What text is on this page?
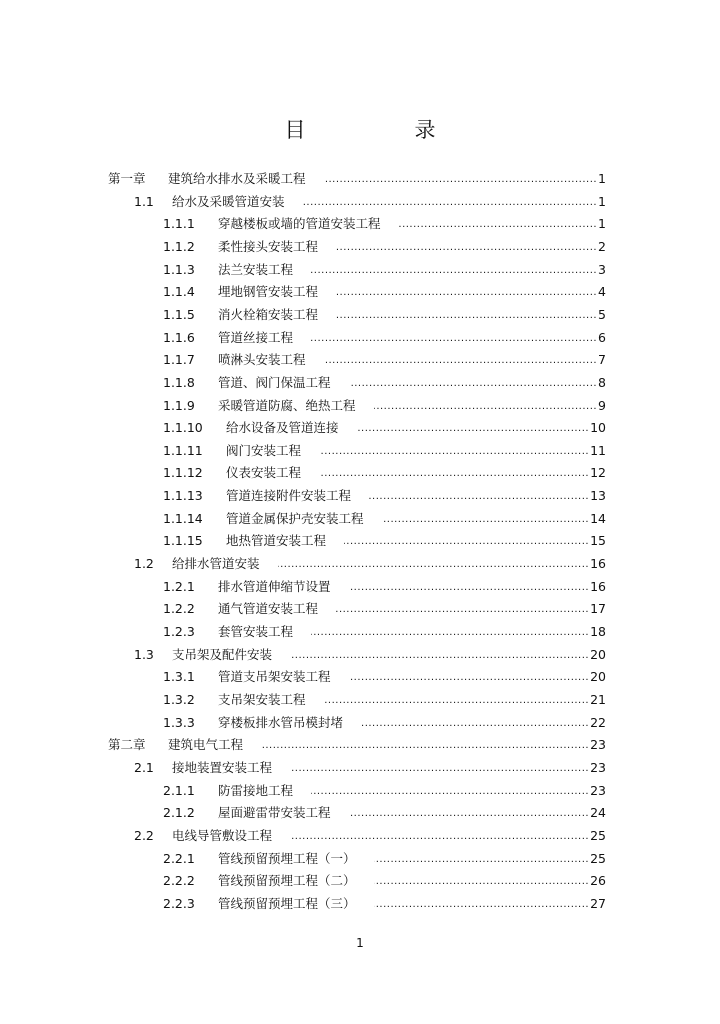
目　录
第一章 建筑给水排水及采暖工程 .....	1
1.1 给水及采暖管道安装 .....	1
1.1.1 穿越楼板或墙的管道安装工程 .....	1
1.1.2 柔性接头安装工程 .....	2
1.1.3 法兰安装工程 .....	3
1.1.4 埋地钢管安装工程 .....	4
1.1.5 消火栓箱安装工程 .....	5
1.1.6 管道丝接工程 .....	6
1.1.7 喷淋头安装工程 .....	7
1.1.8 管道、阀门保温工程 .....	8
1.1.9 采暖管道防腐、绝热工程 .....	9
1.1.10 给水设备及管道连接 .....	10
1.1.11 阀门安装工程 .....	11
1.1.12 仪表安装工程 .....	12
1.1.13 管道连接附件安装工程 .....	13
1.1.14 管道金属保护壳安装工程 .....	14
1.1.15 地热管道安装工程 .....	15
1.2 给排水管道安装 .....	16
1.2.1 排水管道伸缩节设置 .....	16
1.2.2 通气管道安装工程 .....	17
1.2.3 套管安装工程 .....	18
1.3 支吊架及配件安装 .....	20
1.3.1 管道支吊架安装工程 .....	20
1.3.2 支吊架安装工程 .....	21
1.3.3 穿楼板排水管吊模封堵 .....	22
第二章 建筑电气工程 .....	23
2.1 接地装置安装工程 .....	23
2.1.1 防雷接地工程 .....	23
2.1.2 屋面避雷带安装工程 .....	24
2.2 电线导管敷设工程 .....	25
2.2.1 管线预留预埋工程（一） .....	25
2.2.2 管线预留预埋工程（二） .....	26
2.2.3 管线预留预埋工程（三） .....	27
1
